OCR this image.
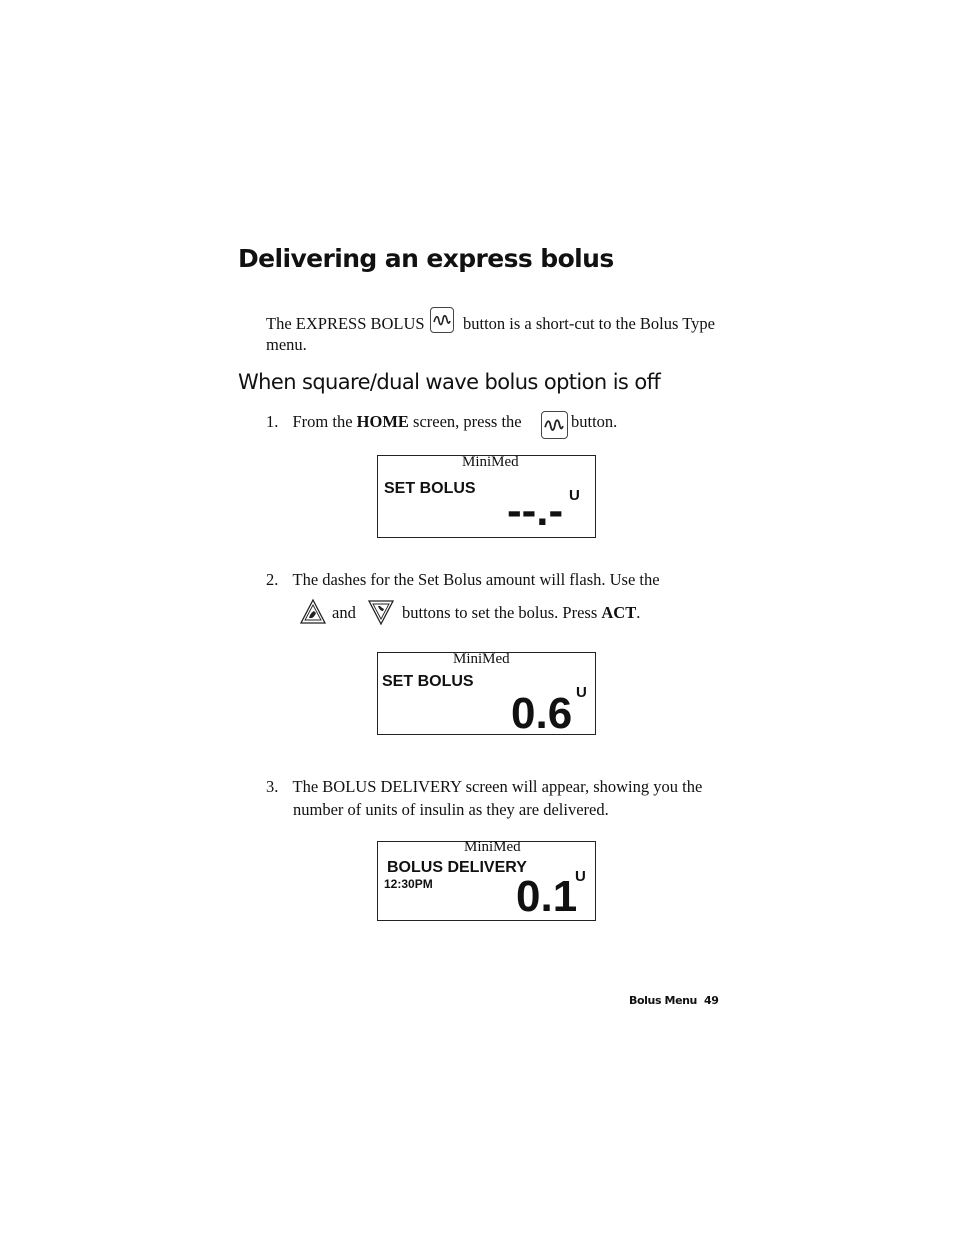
Delivering an express bolus
The EXPRESS BOLUS button is a short-cut to the Bolus Type
menu.
When square/dual wave bolus option is off
1. From the HOME screen, press the	button.
MiniMed
SET BOLUS	U
--.-
2. The dashes for the Set Bolus amount will flash. Use the
and	buttons to set the bolus. Press ACT.
MiniMed
SET BOLUS
U
0.6
3. The BOLUS DELIVERY screen will appear, showing you the
number of units of insulin as they are delivered.
MiniMed
BOLUS DELIVERY
12:30PM	U
0.1
Bolus Menu 49
